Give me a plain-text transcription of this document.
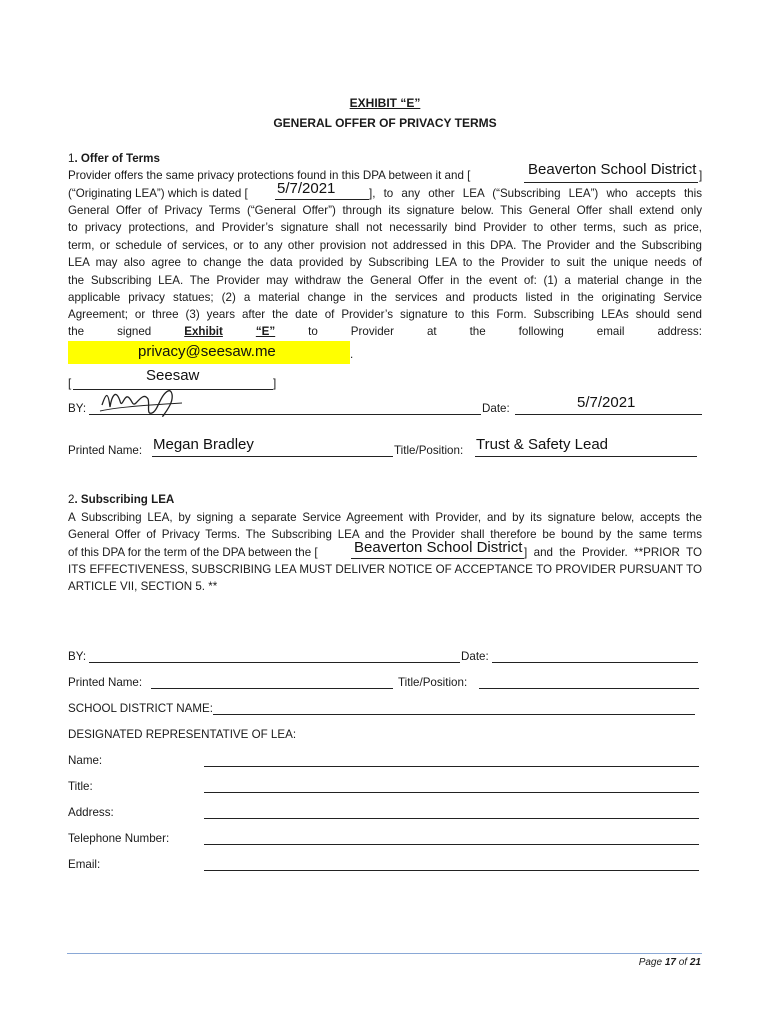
EXHIBIT “E”
GENERAL OFFER OF PRIVACY TERMS
1. Offer of Terms
Provider offers the same privacy protections found in this DPA between it and [	Beaverton School District ]
(“Originating LEA”) which is dated [ 5/7/2021	], to any other LEA (“Subscribing LEA”) who accepts this
General Offer of Privacy Terms (“General Offer”) through its signature below. This General Offer shall extend only
to privacy protections, and Provider’s signature shall not necessarily bind Provider to other terms, such as price,
term, or schedule of services, or to any other provision not addressed in this DPA. The Provider and the Subscribing
LEA may also agree to change the data provided by Subscribing LEA to the Provider to suit the unique needs of
the Subscribing LEA. The Provider may withdraw the General Offer in the event of: (1) a material change in the
applicable privacy statues; (2) a material change in the services and products listed in the originating Service
Agreement; or three (3) years after the date of Provider’s signature to this Form. Subscribing LEAs should send
the	signed	Exhibit	“E”	to	Provider	at	the	following	email	address:
privacy@seesaw.me	.
[	Seesaw	]
BY:	Date:	5/7/2021
Printed Name: Megan Bradley	Title/Position: Trust & Safety Lead
2. Subscribing LEA
A Subscribing LEA, by signing a separate Service Agreement with Provider, and by its signature below, accepts the
General Offer of Privacy Terms. The Subscribing LEA and the Provider shall therefore be bound by the same terms
of this DPA for the term of the DPA between the [ Beaverton School District ] and the Provider. **PRIOR TO
ITS EFFECTIVENESS, SUBSCRIBING LEA MUST DELIVER NOTICE OF ACCEPTANCE TO PROVIDER PURSUANT TO
ARTICLE VII, SECTION 5. **
BY:	Date:
Printed Name:	Title/Position:
SCHOOL DISTRICT NAME:
DESIGNATED REPRESENTATIVE OF LEA:
Name:
Title:
Address:
Telephone Number:
Email:
Page 17 of 21
